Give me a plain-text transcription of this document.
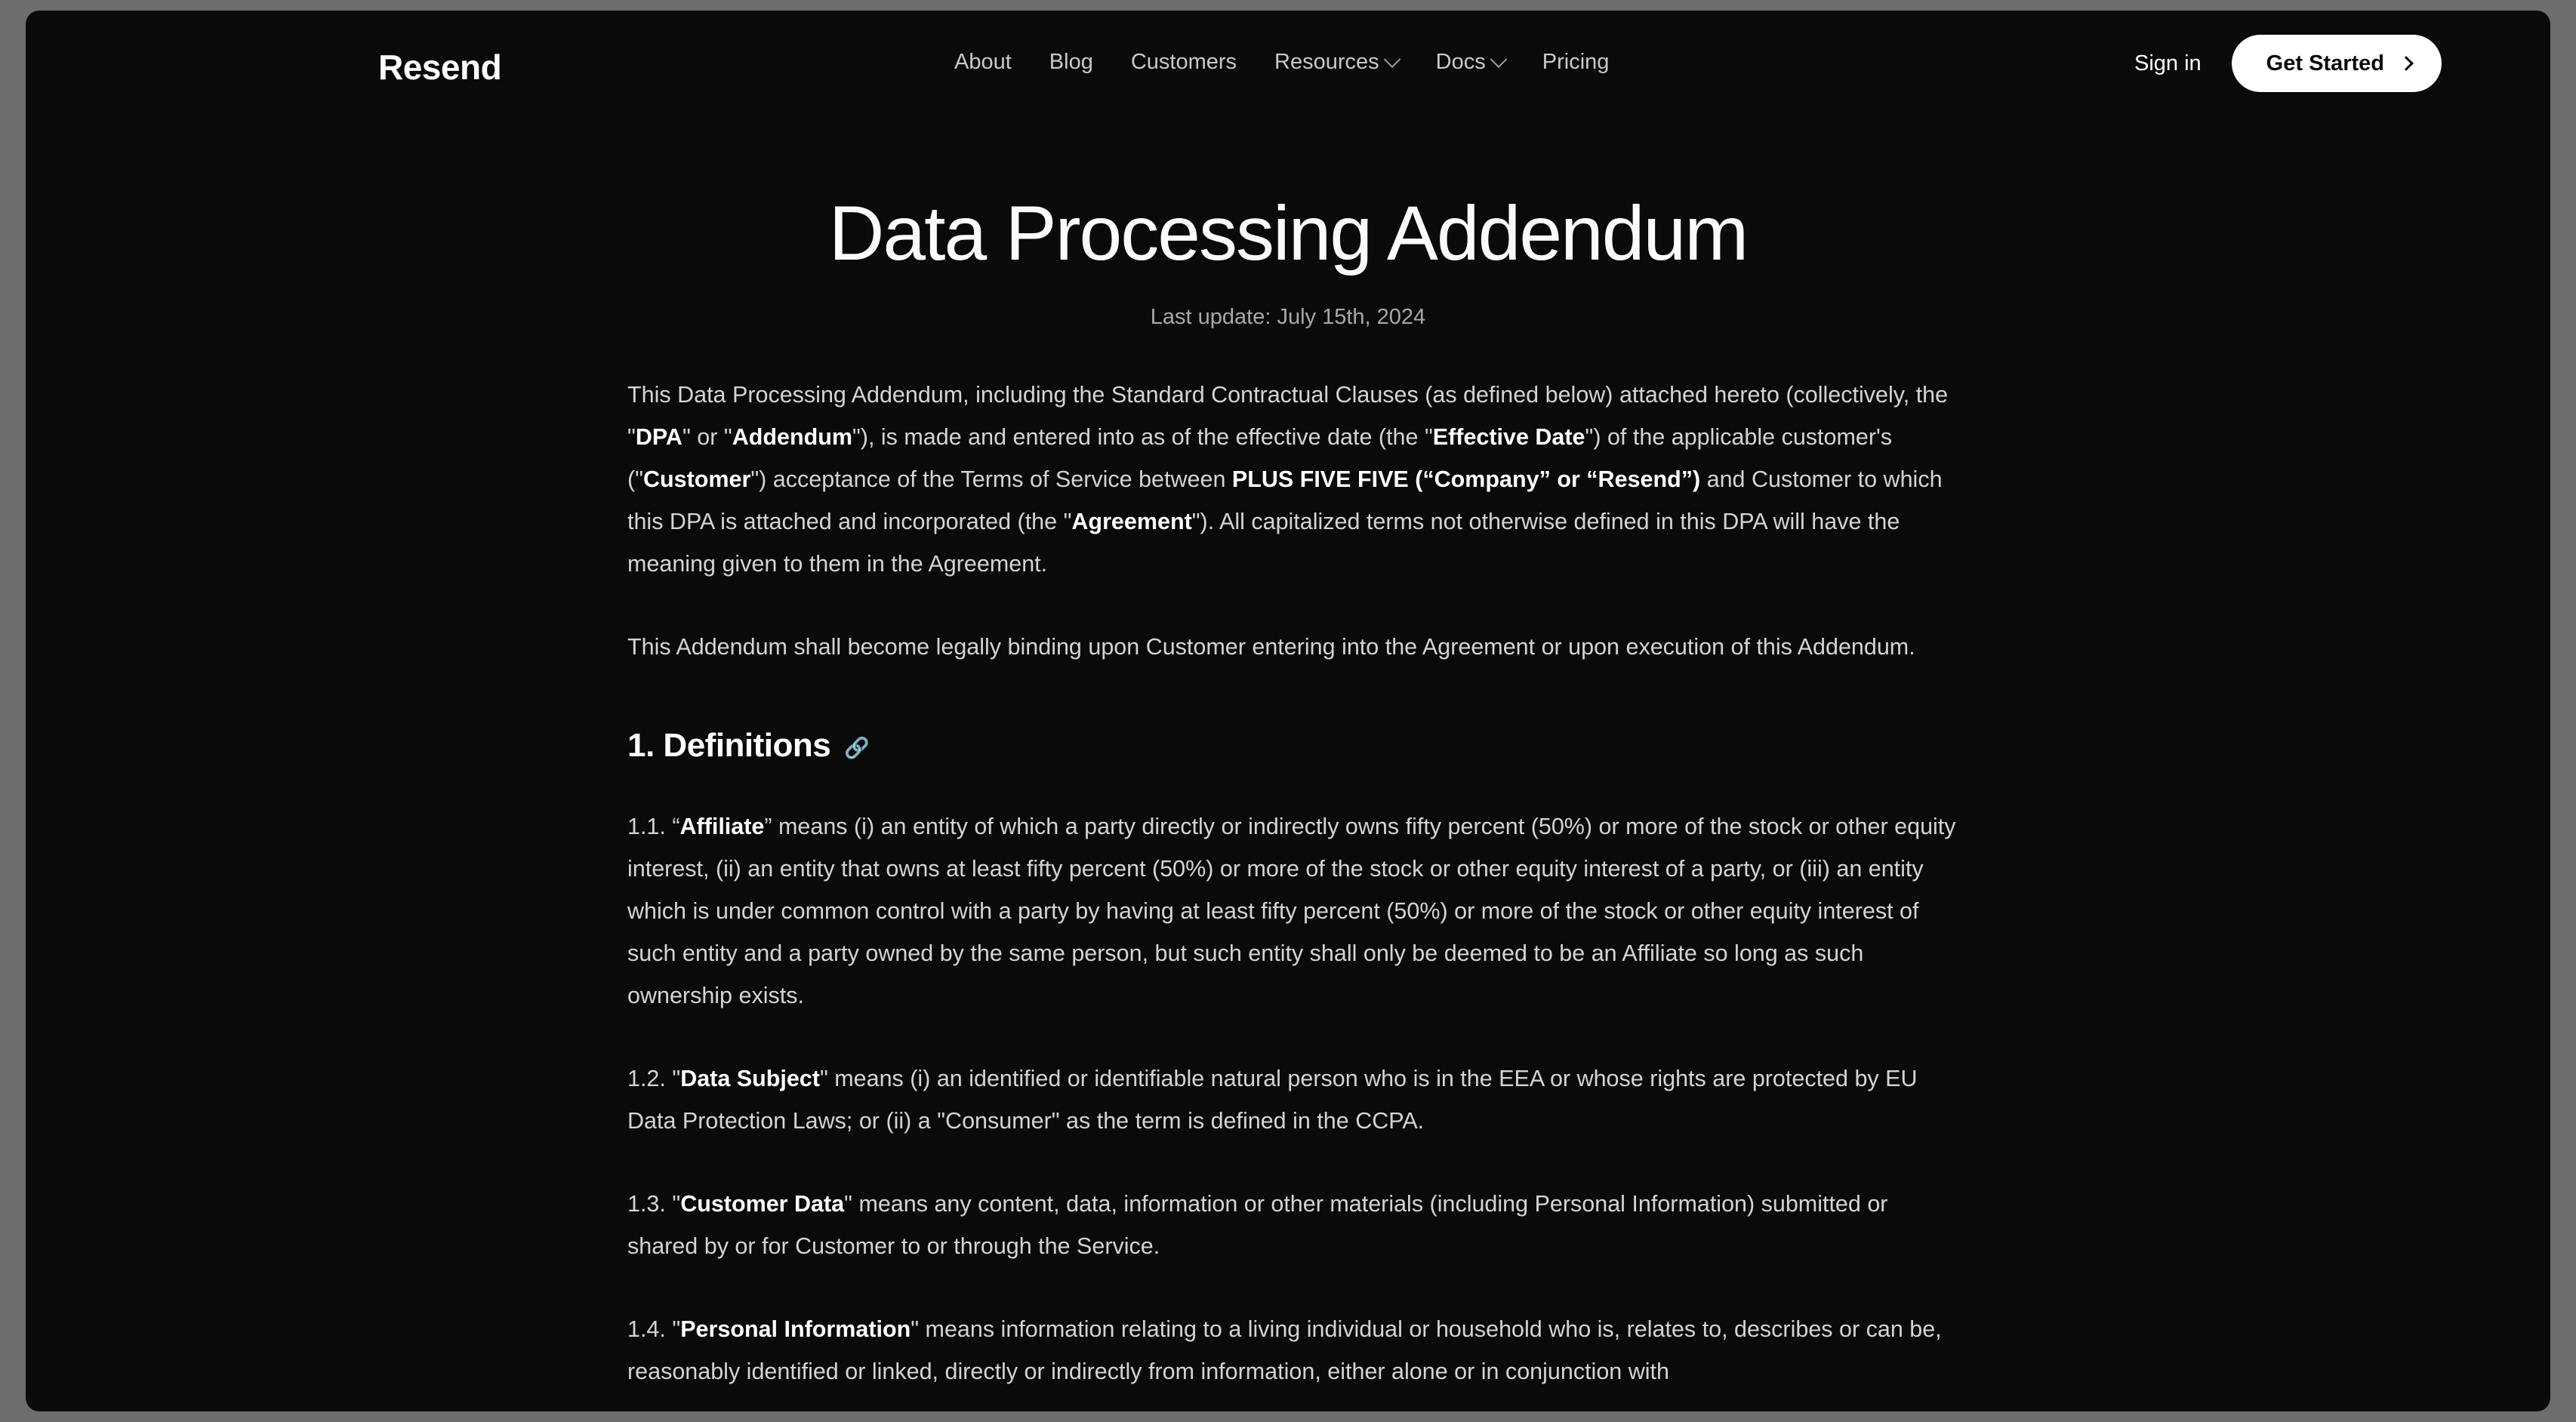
Resend	About Blog Customers Resources	Docs	Pricing	Sign in	Get Started
Data Processing Addendum
Last update: July 15th, 2024

This Data Processing Addendum, including the Standard Contractual Clauses (as defined below) attached hereto (collectively, the "DPA" or "Addendum"), is made and entered into as of the effective date (the "Effective Date") of the applicable customer's ("Customer") acceptance of the Terms of Service between PLUS FIVE FIVE (“Company” or “Resend”) and Customer to which this DPA is attached and incorporated (the "Agreement"). All capitalized terms not otherwise defined in this DPA will have the meaning given to them in the Agreement.

This Addendum shall become legally binding upon Customer entering into the Agreement or upon execution of this Addendum.

1. Definitions 🔗

1.1. “Affiliate” means (i) an entity of which a party directly or indirectly owns fifty percent (50%) or more of the stock or other equity interest, (ii) an entity that owns at least fifty percent (50%) or more of the stock or other equity interest of a party, or (iii) an entity which is under common control with a party by having at least fifty percent (50%) or more of the stock or other equity interest of such entity and a party owned by the same person, but such entity shall only be deemed to be an Affiliate so long as such ownership exists.

1.2. "Data Subject" means (i) an identified or identifiable natural person who is in the EEA or whose rights are protected by EU Data Protection Laws; or (ii) a "Consumer" as the term is defined in the CCPA.

1.3. "Customer Data" means any content, data, information or other materials (including Personal Information) submitted or shared by or for Customer to or through the Service.

1.4. "Personal Information" means information relating to a living individual or household who is, relates to, describes or can be, reasonably identified or linked, directly or indirectly from information, either alone or in conjunction with
